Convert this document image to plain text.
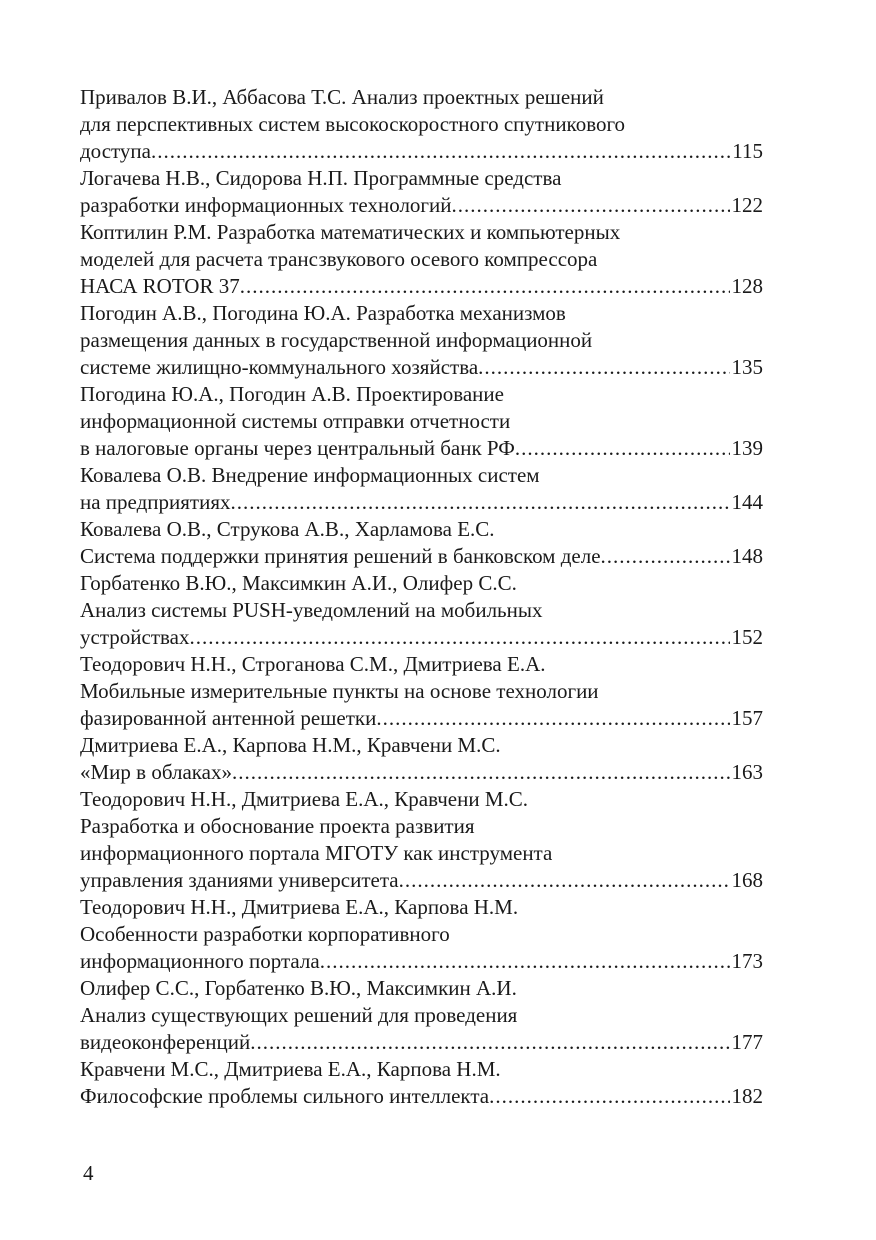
Привалов В.И., Аббасова Т.С. Анализ проектных решений
для перспективных систем высокоскоростного спутникового
доступа .....	115
Логачева Н.В., Сидорова Н.П. Программные средства
разработки информационных технологий .....	122
Коптилин Р.М. Разработка математических и компьютерных
моделей для расчета трансзвукового осевого компрессора
НАСА ROTOR 37 .....	128
Погодин А.В., Погодина Ю.А. Разработка механизмов
размещения данных в государственной информационной
системе жилищно-коммунального хозяйства .....	135
Погодина Ю.А., Погодин А.В. Проектирование
информационной системы отправки отчетности
в налоговые органы через центральный банк РФ .....	139
Ковалева О.В. Внедрение информационных систем
на предприятиях .....	144
Ковалева О.В., Струкова А.В., Харламова Е.С.
Система поддержки принятия решений в банковском деле .....	148
Горбатенко В.Ю., Максимкин А.И., Олифер С.С.
Анализ системы PUSH-уведомлений на мобильных
устройствах .....	152
Теодорович Н.Н., Строганова С.М., Дмитриева Е.А.
Мобильные измерительные пункты на основе технологии
фазированной антенной решетки .....	157
Дмитриева Е.А., Карпова Н.М., Кравчени М.С.
«Мир в облаках» .....	163
Теодорович Н.Н., Дмитриева Е.А., Кравчени М.С.
Разработка и обоснование проекта развития
информационного портала МГОТУ как инструмента
управления зданиями университета .....	168
Теодорович Н.Н., Дмитриева Е.А., Карпова Н.М.
Особенности разработки корпоративного
информационного портала .....	173
Олифер С.С., Горбатенко В.Ю., Максимкин А.И.
Анализ существующих решений для проведения
видеоконференций .....	177
Кравчени М.С., Дмитриева Е.А., Карпова Н.М.
Философские проблемы сильного интеллекта .....	182
4
